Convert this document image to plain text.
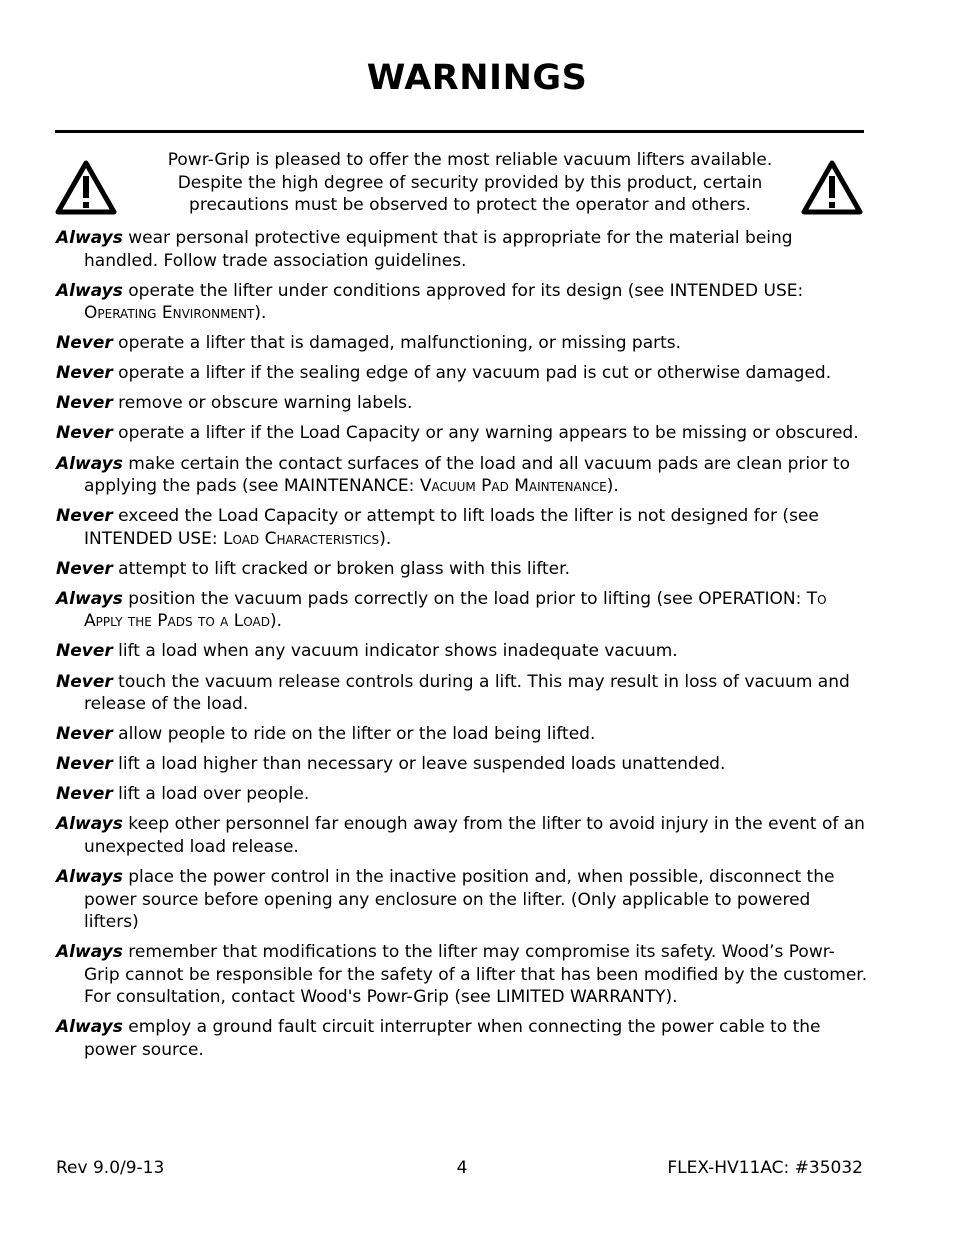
WARNINGS
Powr-Grip is pleased to offer the most reliable vacuum lifters available.
Despite the high degree of security provided by this product, certain
precautions must be observed to protect the operator and others.
Always wear personal protective equipment that is appropriate for the material being handled. Follow trade association guidelines.
Always operate the lifter under conditions approved for its design (see INTENDED USE: Operating Environment).
Never operate a lifter that is damaged, malfunctioning, or missing parts.
Never operate a lifter if the sealing edge of any vacuum pad is cut or otherwise damaged.
Never remove or obscure warning labels.
Never operate a lifter if the Load Capacity or any warning appears to be missing or obscured.
Always make certain the contact surfaces of the load and all vacuum pads are clean prior to applying the pads (see MAINTENANCE: Vacuum Pad Maintenance).
Never exceed the Load Capacity or attempt to lift loads the lifter is not designed for (see INTENDED USE: Load Characteristics).
Never attempt to lift cracked or broken glass with this lifter.
Always position the vacuum pads correctly on the load prior to lifting (see OPERATION: To Apply the Pads to a Load).
Never lift a load when any vacuum indicator shows inadequate vacuum.
Never touch the vacuum release controls during a lift. This may result in loss of vacuum and release of the load.
Never allow people to ride on the lifter or the load being lifted.
Never lift a load higher than necessary or leave suspended loads unattended.
Never lift a load over people.
Always keep other personnel far enough away from the lifter to avoid injury in the event of an unexpected load release.
Always place the power control in the inactive position and, when possible, disconnect the power source before opening any enclosure on the lifter. (Only applicable to powered lifters)
Always remember that modifications to the lifter may compromise its safety. Wood’s Powr-Grip cannot be responsible for the safety of a lifter that has been modified by the customer. For consultation, contact Wood's Powr-Grip (see LIMITED WARRANTY).
Always employ a ground fault circuit interrupter when connecting the power cable to the power source.
Rev 9.0/9-13	4	FLEX-HV11AC: #35032
